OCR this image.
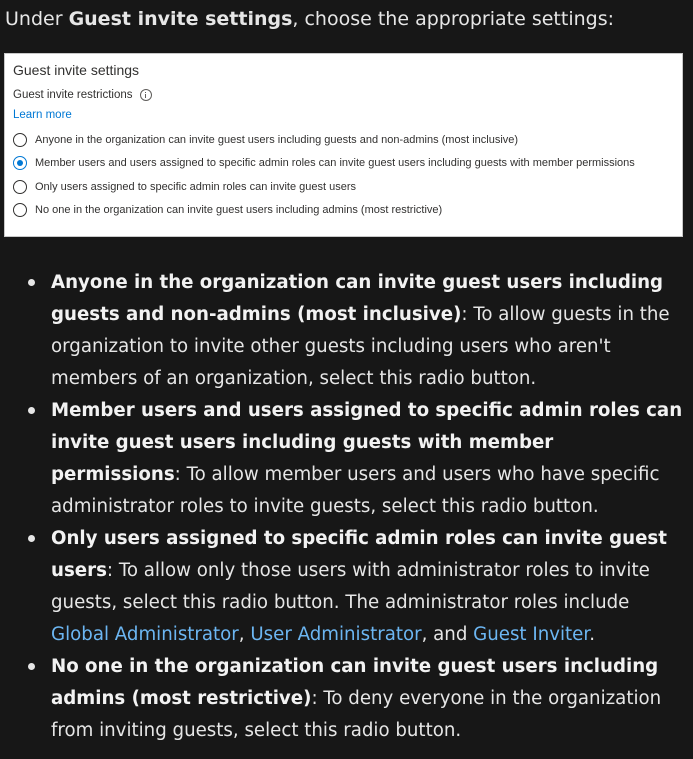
Under Guest invite settings, choose the appropriate settings:
Guest invite settings
Guest invite restrictions
Learn more
Anyone in the organization can invite guest users including guests and non-admins (most inclusive)
Member users and users assigned to specific admin roles can invite guest users including guests with member permissions
Only users assigned to specific admin roles can invite guest users
No one in the organization can invite guest users including admins (most restrictive)
Anyone in the organization can invite guest users including guests and non-admins (most inclusive): To allow guests in the organization to invite other guests including users who aren't members of an organization, select this radio button.
Member users and users assigned to specific admin roles can invite guest users including guests with member permissions: To allow member users and users who have specific administrator roles to invite guests, select this radio button.
Only users assigned to specific admin roles can invite guest users: To allow only those users with administrator roles to invite guests, select this radio button. The administrator roles include Global Administrator, User Administrator, and Guest Inviter.
No one in the organization can invite guest users including admins (most restrictive): To deny everyone in the organization from inviting guests, select this radio button.
